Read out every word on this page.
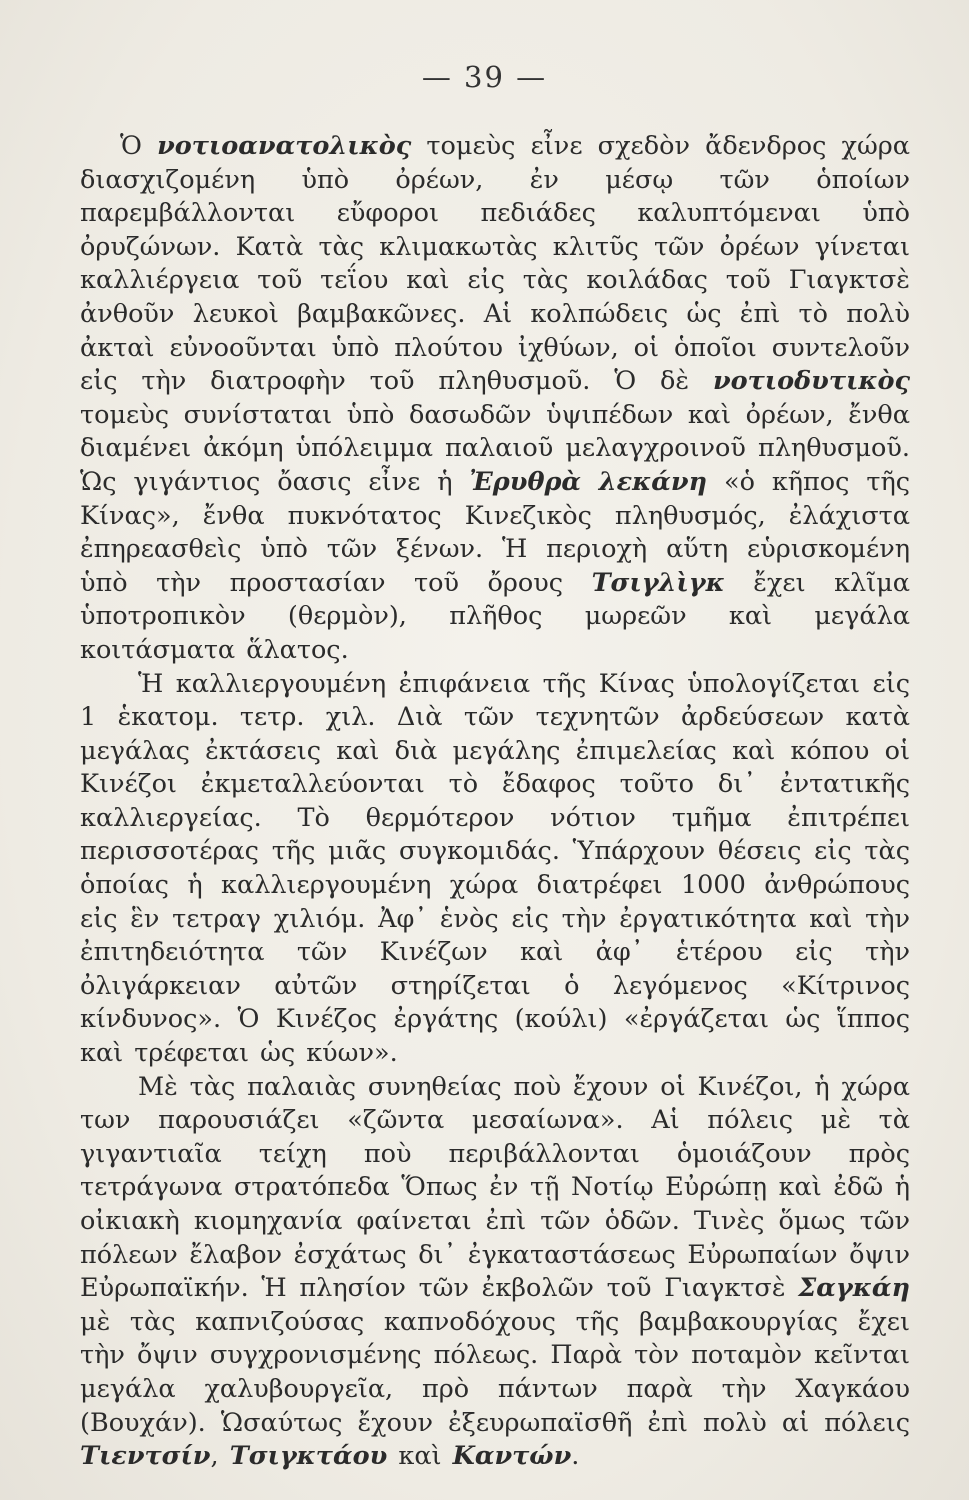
— 39 —

Ὁ νοτιοανατολικὸς τομεὺς εἶνε σχεδὸν ἄδενδρος χώρα διασχιζομένη ὑπὸ ὀρέων, ἐν μέσῳ τῶν ὁποίων παρεμβάλλονται εὔφοροι πεδιάδες καλυπτόμεναι ὑπὸ ὀρυζώνων. Κατὰ τὰς κλιμακωτὰς κλιτῦς τῶν ὀρέων γίνεται καλλιέργεια τοῦ τεΐου καὶ εἰς τὰς κοιλάδας τοῦ Γιαγκτσὲ ἀνθοῦν λευκοὶ βαμβακῶνες. Αἱ κολπώδεις ὡς ἐπὶ τὸ πολὺ ἀκταὶ εὐνοοῦνται ὑπὸ πλούτου ἰχθύων, οἱ ὁποῖοι συντελοῦν εἰς τὴν διατροφὴν τοῦ πληθυσμοῦ. Ὁ δὲ νοτιοδυτικὸς τομεὺς συνίσταται ὑπὸ δασωδῶν ὑψιπέδων καὶ ὀρέων, ἔνθα διαμένει ἀκόμη ὑπόλειμμα παλαιοῦ μελαγχροινοῦ πληθυσμοῦ. Ὡς γιγάντιος ὄασις εἶνε ἡ Ἐρυθρὰ λεκάνη «ὁ κῆπος τῆς Κίνας», ἔνθα πυκνότατος Κινεζικὸς πληθυσμός, ἐλάχιστα ἐπηρεασθεὶς ὑπὸ τῶν ξένων. Ἡ περιοχὴ αὕτη εὑρισκομένη ὑπὸ τὴν προστασίαν τοῦ ὄρους Τσιγλὶγκ ἔχει κλῖμα ὑποτροπικὸν (θερμὸν), πλῆθος μωρεῶν καὶ μεγάλα κοιτάσματα ἅλατος.

Ἡ καλλιεργουμένη ἐπιφάνεια τῆς Κίνας ὑπολογίζεται εἰς 1 ἑκατομ. τετρ. χιλ. Διὰ τῶν τεχνητῶν ἀρδεύσεων κατὰ μεγάλας ἐκτάσεις καὶ διὰ μεγάλης ἐπιμελείας καὶ κόπου οἱ Κινέζοι ἐκμεταλλεύονται τὸ ἔδαφος τοῦτο δι᾽ ἐντατικῆς καλλιεργείας. Τὸ θερμότερον νότιον τμῆμα ἐπιτρέπει περισσοτέρας τῆς μιᾶς συγκομιδάς. Ὑπάρχουν θέσεις εἰς τὰς ὁποίας ἡ καλλιεργουμένη χώρα διατρέφει 1000 ἀνθρώπους εἰς ἓν τετραγ χιλιόμ. Ἀφ᾽ ἑνὸς εἰς τὴν ἐργατικότητα καὶ τὴν ἐπιτηδειότητα τῶν Κινέζων καὶ ἀφ᾽ ἑτέρου εἰς τὴν ὀλιγάρκειαν αὐτῶν στηρίζεται ὁ λεγόμενος «Κίτρινος κίνδυνος». Ὁ Κινέζος ἐργάτης (κούλι) «ἐργάζεται ὡς ἵππος καὶ τρέφεται ὡς κύων».

Μὲ τὰς παλαιὰς συνηθείας ποὺ ἔχουν οἱ Κινέζοι, ἡ χώρα των παρουσιάζει «ζῶντα μεσαίωνα». Αἱ πόλεις μὲ τὰ γιγαντιαῖα τείχη ποὺ περιβάλλονται ὁμοιάζουν πρὸς τετράγωνα στρατόπεδα Ὅπως ἐν τῇ Νοτίῳ Εὐρώπῃ καὶ ἐδῶ ἡ οἰκιακὴ κιομηχανία φαίνεται ἐπὶ τῶν ὁδῶν. Τινὲς ὅμως τῶν πόλεων ἔλαβον ἐσχάτως δι᾽ ἐγκαταστάσεως Εὐρωπαίων ὄψιν Εὐρωπαϊκήν. Ἡ πλησίον τῶν ἐκβολῶν τοῦ Γιαγκτσὲ Σαγκάη μὲ τὰς καπνιζούσας καπνοδόχους τῆς βαμβακουργίας ἔχει τὴν ὄψιν συγχρονισμένης πόλεως. Παρὰ τὸν ποταμὸν κεῖνται μεγάλα χαλυβουργεῖα, πρὸ πάντων παρὰ τὴν Χαγκάου (Βουχάν). Ὡσαύτως ἔχουν ἐξευρωπαϊσθῆ ἐπὶ πολὺ αἱ πόλεις Τιεντσίν, Τσιγκτάου καὶ Καντών.
